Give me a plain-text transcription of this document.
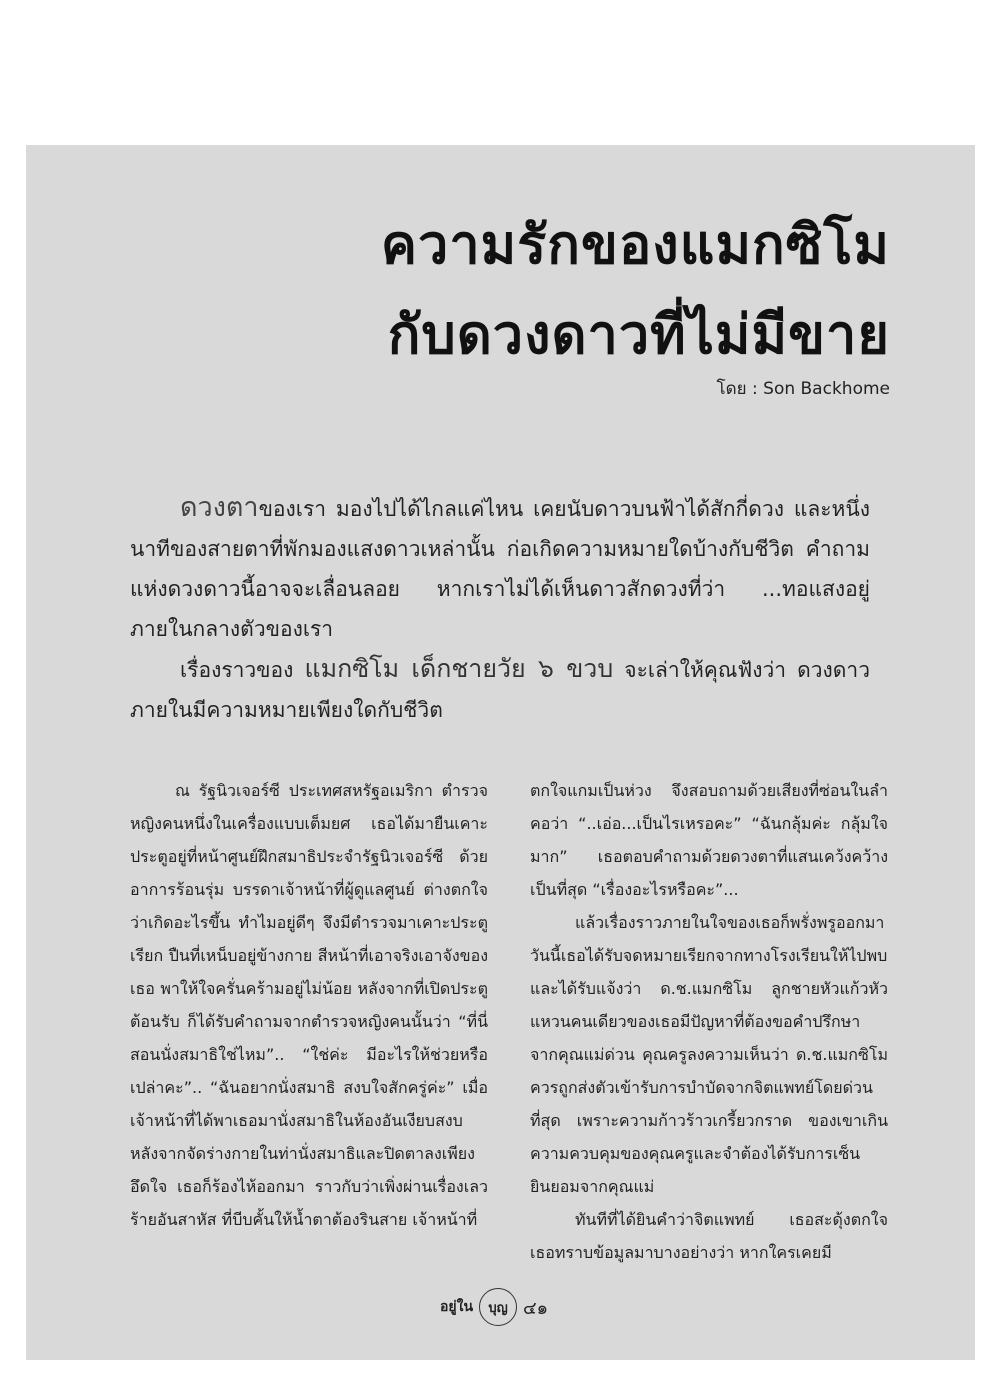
ความรักของแมกซิโม
กับดวงดาวที่ไม่มีขาย
โดย : Son Backhome

ดวงตาของเรา มองไปได้ไกลแค่ไหน เคยนับดาวบนฟ้าได้สักกี่ดวง และหนึ่งนาทีของสายตาที่พักมองแสงดาวเหล่านั้น ก่อเกิดความหมายใดบ้างกับชีวิต คำถามแห่งดวงดาวนี้อาจจะเลื่อนลอย หากเราไม่ได้เห็นดาวสักดวงที่ว่า ...ทอแสงอยู่ภายในกลางตัวของเรา

เรื่องราวของ แมกซิโม เด็กชายวัย ๖ ขวบ จะเล่าให้คุณฟังว่า ดวงดาวภายในมีความหมายเพียงใดกับชีวิต

ณ รัฐนิวเจอร์ซี ประเทศสหรัฐอเมริกา ตำรวจหญิงคนหนึ่งในเครื่องแบบเต็มยศ เธอได้มายืนเคาะประตูอยู่ที่หน้าศูนย์ฝึกสมาธิประจำรัฐนิวเจอร์ซี ด้วยอาการร้อนรุ่ม บรรดาเจ้าหน้าที่ผู้ดูแลศูนย์ ต่างตกใจว่าเกิดอะไรขึ้น ทำไมอยู่ดีๆ จึงมีตำรวจมาเคาะประตูเรียก ปืนที่เหน็บอยู่ข้างกาย สีหน้าที่เอาจริงเอาจังของเธอ พาให้ใจครั่นคร้ามอยู่ไม่น้อย หลังจากที่เปิดประตูต้อนรับ ก็ได้รับคำถามจากตำรวจหญิงคนนั้นว่า “ที่นี่สอนนั่งสมาธิใช่ไหม”.. “ใช่ค่ะ มีอะไรให้ช่วยหรือเปล่าคะ”.. “ฉันอยากนั่งสมาธิ สงบใจสักครู่ค่ะ” เมื่อเจ้าหน้าที่ได้พาเธอมานั่งสมาธิในห้องอันเงียบสงบ หลังจากจัดร่างกายในท่านั่งสมาธิและปิดตาลงเพียงอึดใจ เธอก็ร้องไห้ออกมา ราวกับว่าเพิ่งผ่านเรื่องเลวร้ายอันสาหัส ที่บีบคั้นให้น้ำตาต้องรินสาย เจ้าหน้าที่

ตกใจแกมเป็นห่วง จึงสอบถามด้วยเสียงที่ซ่อนในลำคอว่า “..เอ่อ...เป็นไรเหรอคะ” “ฉันกลุ้มค่ะ กลุ้มใจมาก” เธอตอบคำถามด้วยดวงตาที่แสนเคว้งคว้างเป็นที่สุด “เรื่องอะไรหรือคะ”...

แล้วเรื่องราวภายในใจของเธอก็พรั่งพรูออกมา วันนี้เธอได้รับจดหมายเรียกจากทางโรงเรียนให้ไปพบและได้รับแจ้งว่า ด.ช.แมกซิโม ลูกชายหัวแก้วหัวแหวนคนเดียวของเธอมีปัญหาที่ต้องขอคำปรึกษาจากคุณแม่ด่วน คุณครูลงความเห็นว่า ด.ช.แมกซิโม ควรถูกส่งตัวเข้ารับการบำบัดจากจิตแพทย์โดยด่วนที่สุด เพราะความก้าวร้าวเกรี้ยวกราด ของเขาเกินความควบคุมของคุณครูและจำต้องได้รับการเซ็นยินยอมจากคุณแม่

ทันทีที่ได้ยินคำว่าจิตแพทย์ เธอสะดุ้งตกใจ เธอทราบข้อมูลมาบางอย่างว่า หากใครเคยมี

อยู่ใน บุญ ๔๑
